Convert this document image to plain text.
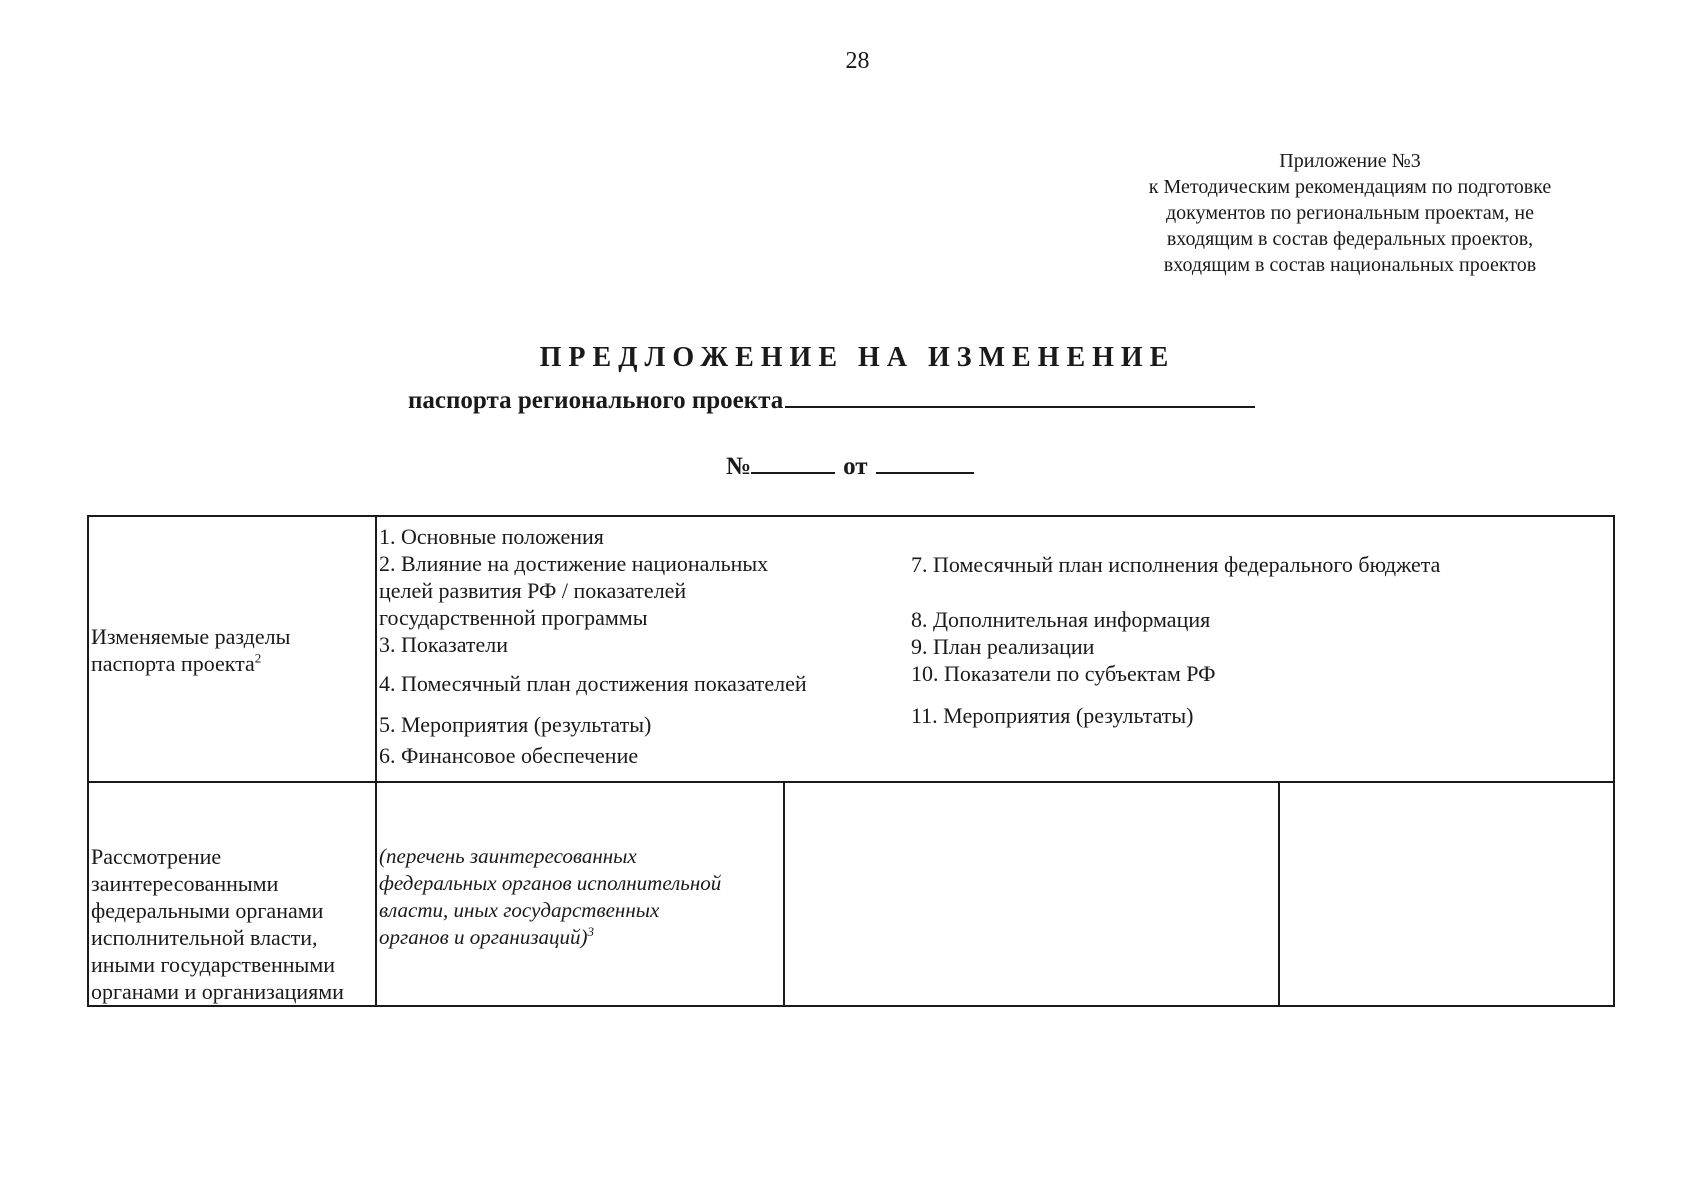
28
Приложение №3
к Методическим рекомендациям по подготовке
документов по региональным проектам, не
входящим в состав федеральных проектов,
входящим в состав национальных проектов
ПРЕДЛОЖЕНИЕ НА ИЗМЕНЕНИЕ
паспорта регионального проекта
№	от
Изменяемые разделы паспорта проекта$^2$
1. Основные положения
2. Влияние на достижение национальных
целей развития РФ / показателей
государственной программы
3. Показатели
4. Помесячный план достижения показателей
5. Мероприятия (результаты)
6. Финансовое обеспечение
7. Помесячный план исполнения федерального бюджета
8. Дополнительная информация
9. План реализации
10. Показатели по субъектам РФ
11. Мероприятия (результаты)
Рассмотрение
заинтересованными
федеральными органами
исполнительной власти,
иными государственными
органами и организациями
(перечень заинтересованных
федеральных органов исполнительной
власти, иных государственных
органов и организаций)$^3$
